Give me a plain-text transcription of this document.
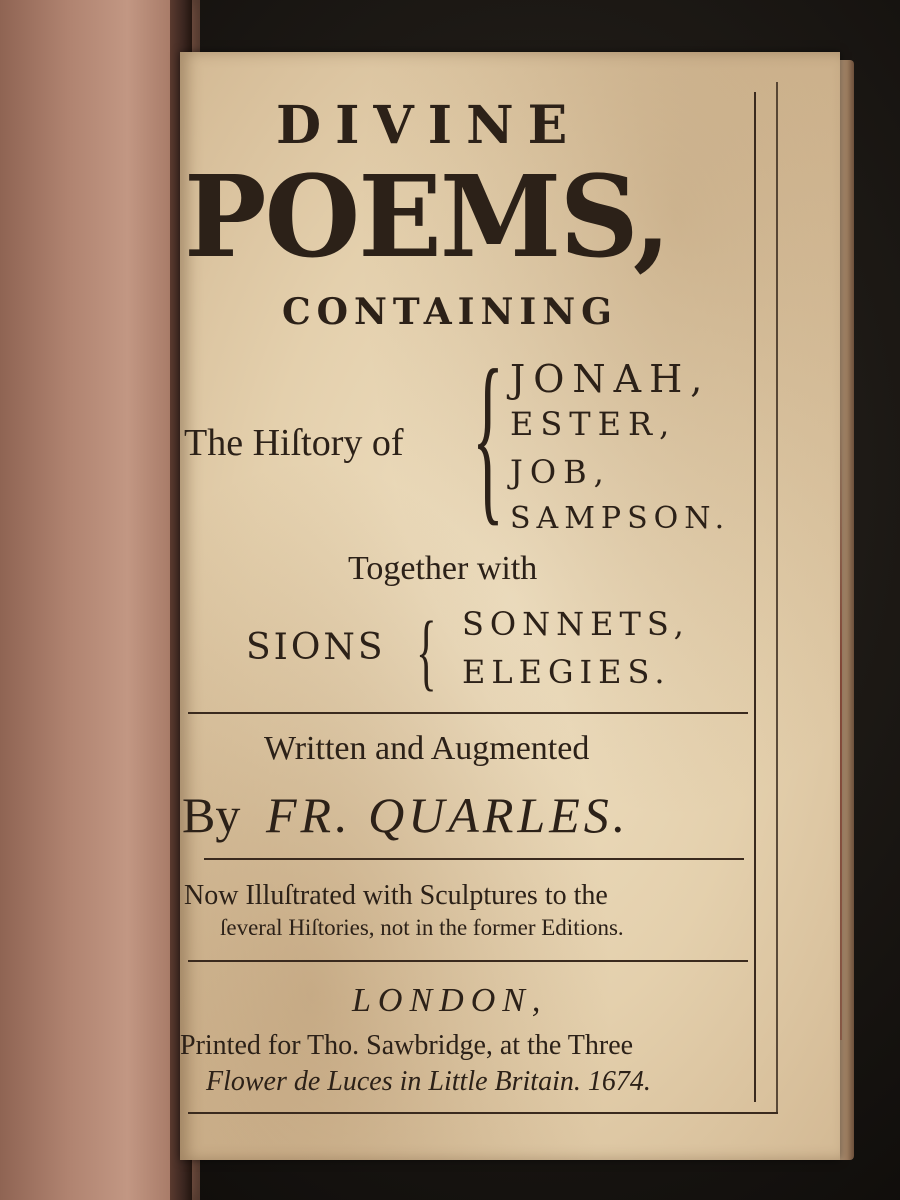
DIVINE
POEMS,
CONTAINING
The Hiſtory of { JONAH,
ESTER,
JOB,
SAMPSON.
Together with
SIONS { SONNETS,
ELEGIES.
Written and Augmented
By FR. QUARLES.
Now Illuſtrated with Sculptures to the
ſeveral Hiſtories, not in the former Editions.
LONDON,
Printed for Tho. Sawbridge, at the Three
Flower de Luces in Little Britain. 1674.
